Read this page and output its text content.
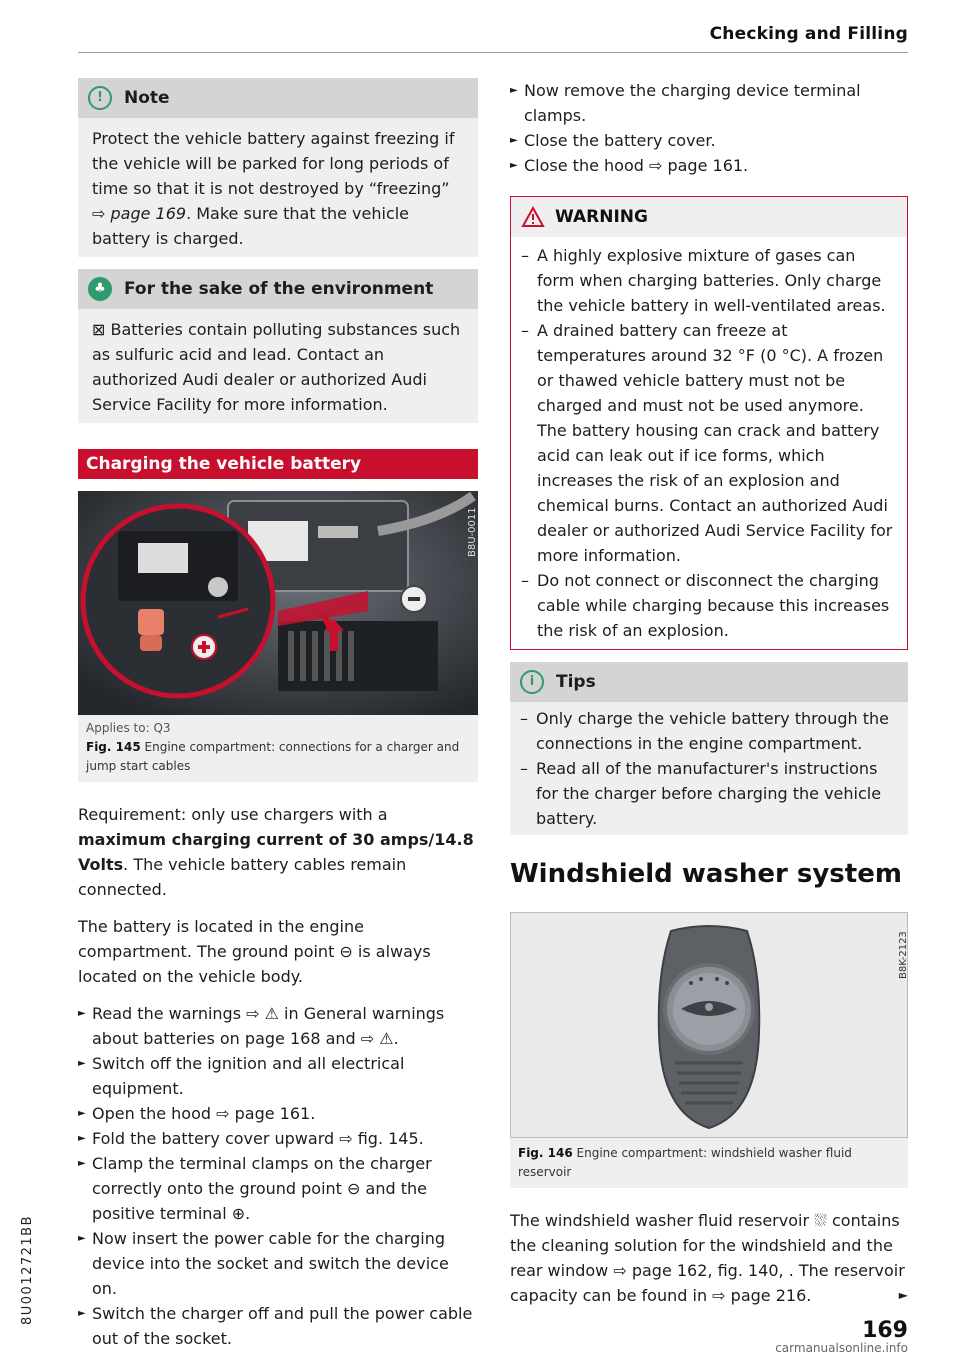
Checking and Filling
!	Note
Protect the vehicle battery against freezing if the vehicle will be parked for long periods of time so that it is not destroyed by “freezing” ⇨ page 169. Make sure that the vehicle battery is charged.
♣	For the sake of the environment
⊠ Batteries contain polluting substances such as sulfuric acid and lead. Contact an authorized Audi dealer or authorized Audi Service Facility for more information.
Charging the vehicle battery
B8U-0011
Applies to: Q3
Fig. 145 Engine compartment: connections for a charger and jump start cables
Requirement: only use chargers with a maximum charging current of 30 amps/14.8 Volts. The vehicle battery cables remain connected.
The battery is located in the engine compartment. The ground point ⊖ is always located on the vehicle body.
► Read the warnings ⇨ ⚠ in General warnings about batteries on page 168 and ⇨ ⚠.
► Switch off the ignition and all electrical equipment.
► Open the hood ⇨ page 161.
► Fold the battery cover upward ⇨ fig. 145.
► Clamp the terminal clamps on the charger correctly onto the ground point ⊖ and the positive terminal ⊕.
► Now insert the power cable for the charging device into the socket and switch the device on.
► Switch the charger off and pull the power cable out of the socket.
► Now remove the charging device terminal clamps.
► Close the battery cover.
► Close the hood ⇨ page 161.
WARNING
– A highly explosive mixture of gases can form when charging batteries. Only charge the vehicle battery in well-ventilated areas.
– A drained battery can freeze at temperatures around 32 °F (0 °C). A frozen or thawed vehicle battery must not be charged and must not be used anymore. The battery housing can crack and battery acid can leak out if ice forms, which increases the risk of an explosion and chemical burns. Contact an authorized Audi dealer or authorized Audi Service Facility for more information.
– Do not connect or disconnect the charging cable while charging because this increases the risk of an explosion.
i	Tips
– Only charge the vehicle battery through the connections in the engine compartment.
– Read all of the manufacturer's instructions for the charger before charging the vehicle battery.
Windshield washer system
B8K-2123
Fig. 146 Engine compartment: windshield washer fluid reservoir
The windshield washer fluid reservoir ⛆ contains the cleaning solution for the windshield and the rear window ⇨ page 162, fig. 140, . The reservoir capacity can be found in ⇨ page 216.	►
8U0012721BB
169
carmanualsonline.info
